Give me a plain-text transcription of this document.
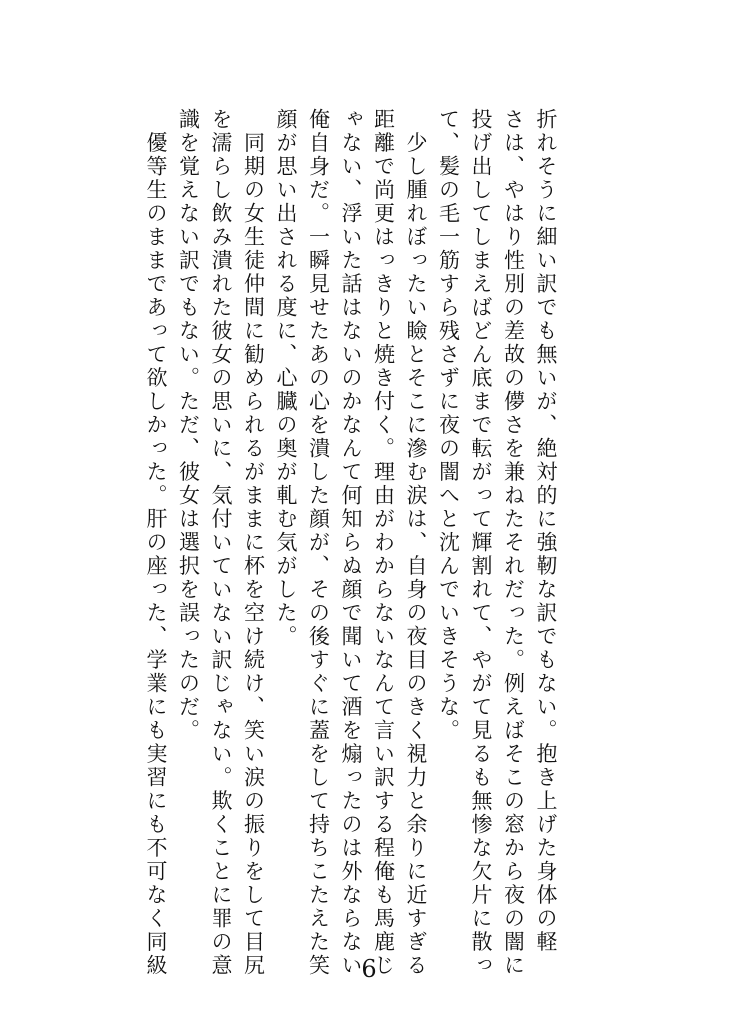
折れそうに細い訳でも無いが、絶対的に強靭な訳でもない。抱き上げた身体の軽

さは、やはり性別の差故の儚さを兼ねたそれだった。例えばそこの窓から夜の闇に

投げ出してしまえばどん底まで転がって輝割れて、やがて見るも無惨な欠片に散っ

て、髪の毛一筋すら残さずに夜の闇へと沈んでいきそうな。

　少し腫れぼったい瞼とそこに滲む涙は、自身の夜目のきく視力と余りに近すぎる

距離で尚更はっきりと焼き付く。理由がわからないなんて言い訳する程俺も馬鹿じ

ゃない、浮いた話はないのかなんて何知らぬ顔で聞いて酒を煽ったのは外ならない

俺自身だ。一瞬見せたあの心を潰した顔が、その後すぐに蓋をして持ちこたえた笑

顔が思い出される度に、心臓の奥が軋む気がした。

　同期の女生徒仲間に勧められるがままに杯を空け続け、笑い涙の振りをして目尻

を濡らし飲み潰れた彼女の思いに、気付いていない訳じゃない。欺くことに罪の意

識を覚えない訳でもない。ただ、彼女は選択を誤ったのだ。

　優等生のままであって欲しかった。肝の座った、学業にも実習にも不可なく同級	6
